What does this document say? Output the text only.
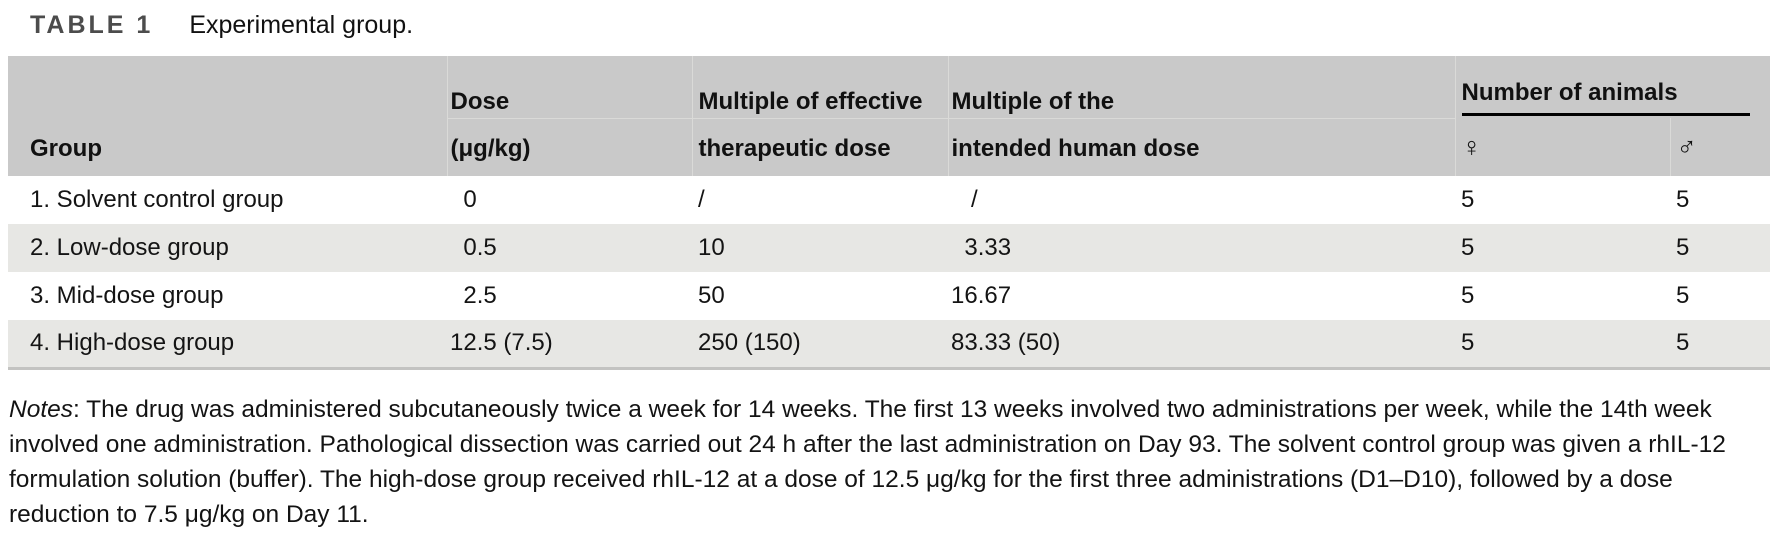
TABLE 1 Experimental group.
	Dose	Multiple of effective	Multiple of the	Number of animals	

Group	(μg/kg)	therapeutic dose	intended human dose	♀	♂
1. Solvent control group	0	/	/	5	5
2. Low-dose group	0.5	10	3.33	5	5
3. Mid-dose group	2.5	50	16.67	5	5
4. High-dose group	12.5 (7.5)	250 (150)	83.33 (50)	5	5

Notes: The drug was administered subcutaneously twice a week for 14 weeks. The first 13 weeks involved two administrations per week, while the 14th week involved one administration. Pathological dissection was carried out 24 h after the last administration on Day 93. The solvent control group was given a rhIL-12 formulation solution (buffer). The high-dose group received rhIL-12 at a dose of 12.5 μg/kg for the first three administrations (D1–D10), followed by a dose reduction to 7.5 μg/kg on Day 11.
